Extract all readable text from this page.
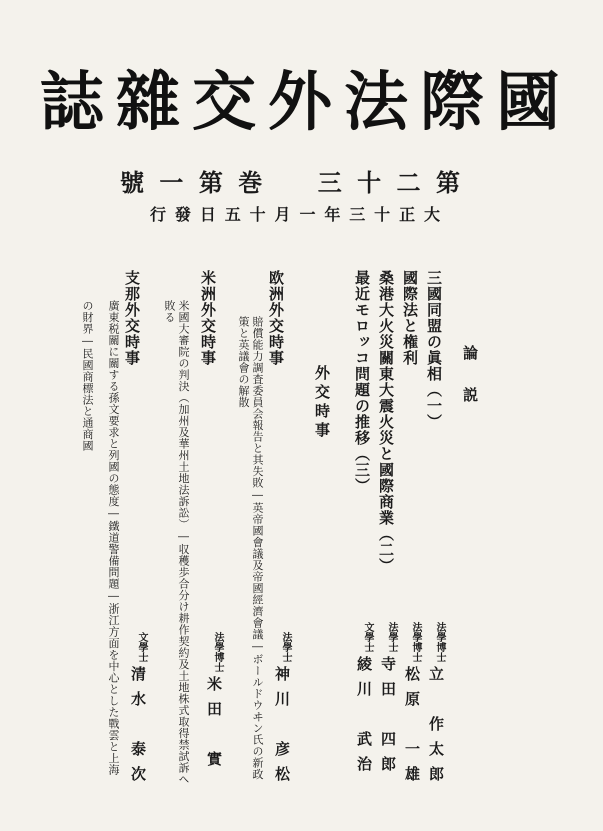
國
際
法
外
交
雜
誌
第
二
十
三
巻
第
一
號
大
正
十
三
年
一
月
十
五
日
發
行
論　説
三國同盟の眞相（一）
法學博士
立　作太郎
國際法と権利
法學博士
松原　一雄
桑港大火災關東大震火災と國際商業（二）
法學士
寺田　四郎
最近モロッコ問題の推移（三）
文學士
綾川　武治
外交時事
欧洲外交時事
賠償能力調査委員会報告と其失敗―英帝國會議及帝國經濟會議―ボールドウヰン氏の新政
策と英議會の解散
法學士
神川　彦松
米洲外交時事
米國大審院の判決（加州及華州土地法訴訟）―収穫歩合分け耕作契約及土地株式取得禁試訴ヘ
敗る
法學博士
米田　實
支那外交時事
廣東税關に關する孫文要求と列國の態度―鐵道警備問題―浙江方面を中心とした戰雲と上海
の財界―民國商標法と通商國
文學士
清水　泰次
